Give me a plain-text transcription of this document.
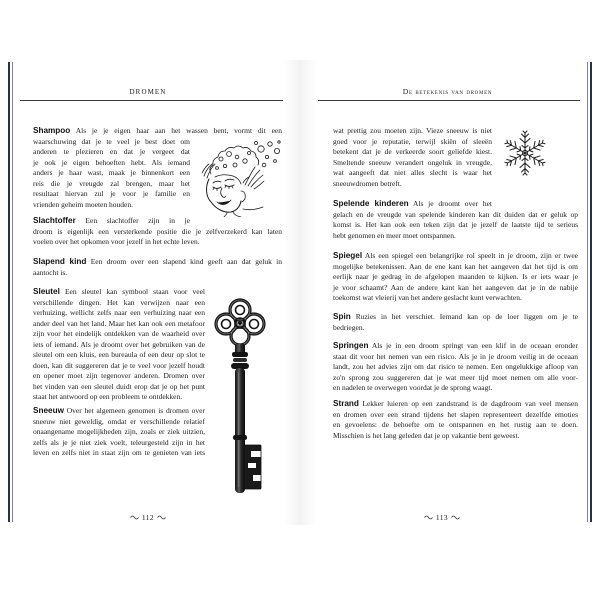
DROMEN	De betekenis van dromen
112	113
Shampoo Als je je eigen haar aan het wassen bent, vormt dit een
waarschuwing dat je te veel je best doet om
anderen te plezieren en dat je vergeet dat
je ook je eigen behoeften hebt. Als iemand
anders je haar wast, maak je binnenkort een
reis die je vreugde zal brengen, maar het
resultaat hiervan zul je voor je familie en
vrienden geheim moeten houden.
Slachtoffer Een slachtoffer zijn in je
droom is eigenlijk een versterkende positie die je zelfverzekerd kan laten
voelen over het opkomen voor jezelf in het echte leven.
Slapend kind Een droom over een slapend kind geeft aan dat geluk in
aantocht is.
Sleutel Een sleutel kan symbool staan voor veel
verschillende dingen. Het kan verwijzen naar een
verhuizing, wellicht zelfs naar een verhuizing naar een
ander deel van het land. Maar het kan ook een metafoor
zijn voor het eindelijk ontdekken van de waarheid over
iets of iemand. Als je droomt over het gebruiken van de
sleutel om een kluis, een bureaula of een deur op slot te
doen, kan dit suggereren dat je te veel voor jezelf houdt
en opener moet zijn tegenover anderen. Dromen over
het vinden van een sleutel duidt erop dat je op het punt
staat het antwoord op een probleem te ontdekken.
Sneeuw Over het algemeen genomen is dromen over
sneeuw niet geweldig, omdat er verschillende relatief
onaangename mogelijkheden zijn, zoals er ziek uitzien,
zelfs als je je niet ziek voelt, teleurgesteld zijn in het
leven en zelfs niet in staat zijn om te genieten van iets
wat prettig zou moeten zijn. Vieze sneeuw is niet
goed voor je reputatie, terwijl skiën of sleeën
betekent dat je de verkeerde soort geliefde kiest.
Smeltende sneeuw verandert ongeluk in vreugde,
wat aangeeft dat niet alles slecht is waar het
sneeuwdromen betreft.
Spelende kinderen Als je droomt over het
gelach en de vreugde van spelende kinderen kan dit duiden dat er geluk op
komst is. Het kan ook een teken zijn dat je jezelf de laatste tijd te serieus
hebt genomen en meer moet ontspannen.
Spiegel Als een spiegel een belangrijke rol speelt in je droom, zijn er twee
mogelijke betekenissen. Aan de ene kant kan het aangeven dat het tijd is om
eerlijk naar je gedrag in de afgelopen maanden te kijken. Is er iets waar je
je voor schaamt? Aan de andere kant kan het aangeven dat je in de nabije
toekomst wat vleierij van het andere geslacht kunt verwachten.
Spin Ruzies in het verschiet. Iemand kan op de loer liggen om je te
bedriegen.
Springen Als je in een droom springt van een klif in de oceaan eronder
staat dit voor het nemen van een risico. Als je in je droom veilig in de oceaan
landt, zou het advies zijn om dat risico te nemen. Een ongelukkige afloop van
zo'n sprong zou suggereren dat je wat meer tijd moet nemen om alle voor-
en nadelen te overwegen voordat je de sprong waagt.
Strand Lekker luieren op een zandstrand is de dagdroom van veel mensen
en dromen over een strand tijdens het slapen representeert dezelfde emoties
en gevoelens: de behoefte om te ontspannen en het rustig aan te doen.
Misschien is het lang geleden dat je op vakantie bent geweest.
